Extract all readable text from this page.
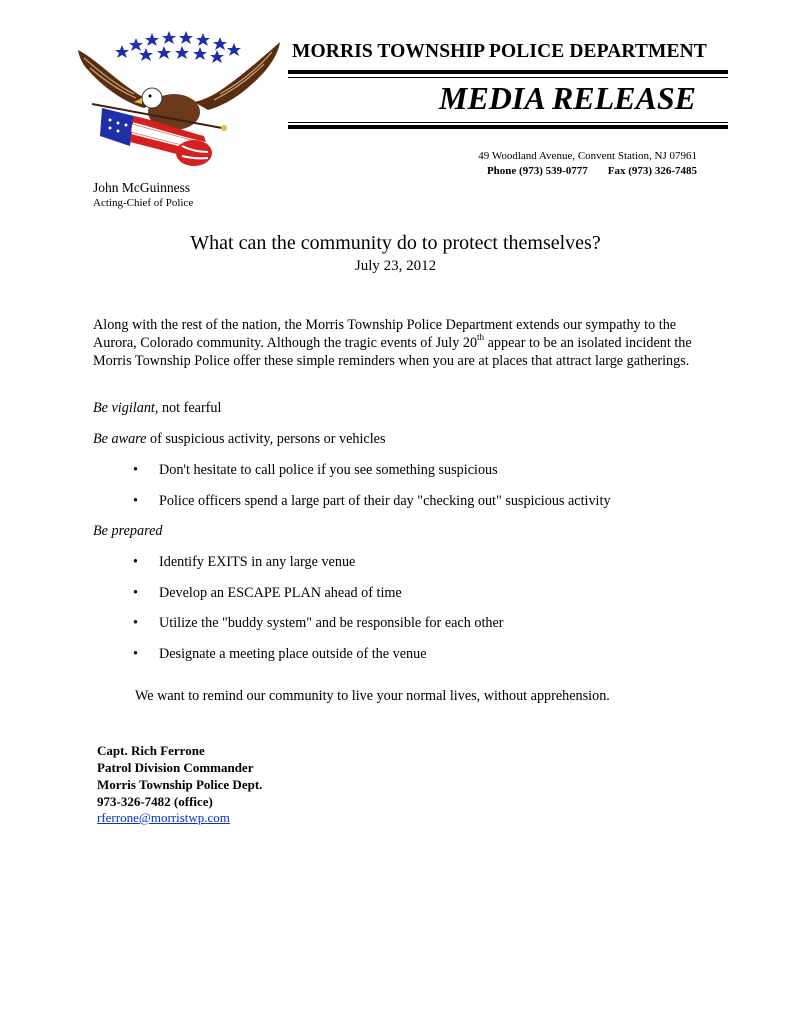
MORRIS TOWNSHIP POLICE DEPARTMENT
MEDIA RELEASE
49 Woodland Avenue, Convent Station, NJ 07961
Phone (973) 539-0777 Fax (973) 326-7485
John McGuinness
Acting-Chief of Police
What can the community do to protect themselves?
July 23, 2012
Along with the rest of the nation, the Morris Township Police Department extends our sympathy to the Aurora, Colorado community. Although the tragic events of July 20th appear to be an isolated incident the Morris Township Police offer these simple reminders when you are at places that attract large gatherings.
Be vigilant, not fearful
Be aware of suspicious activity, persons or vehicles
• Don't hesitate to call police if you see something suspicious
• Police officers spend a large part of their day "checking out" suspicious activity
Be prepared
• Identify EXITS in any large venue
• Develop an ESCAPE PLAN ahead of time
• Utilize the "buddy system" and be responsible for each other
• Designate a meeting place outside of the venue
We want to remind our community to live your normal lives, without apprehension.
Capt. Rich Ferrone
Patrol Division Commander
Morris Township Police Dept.
973-326-7482 (office)
rferrone@morristwp.com
